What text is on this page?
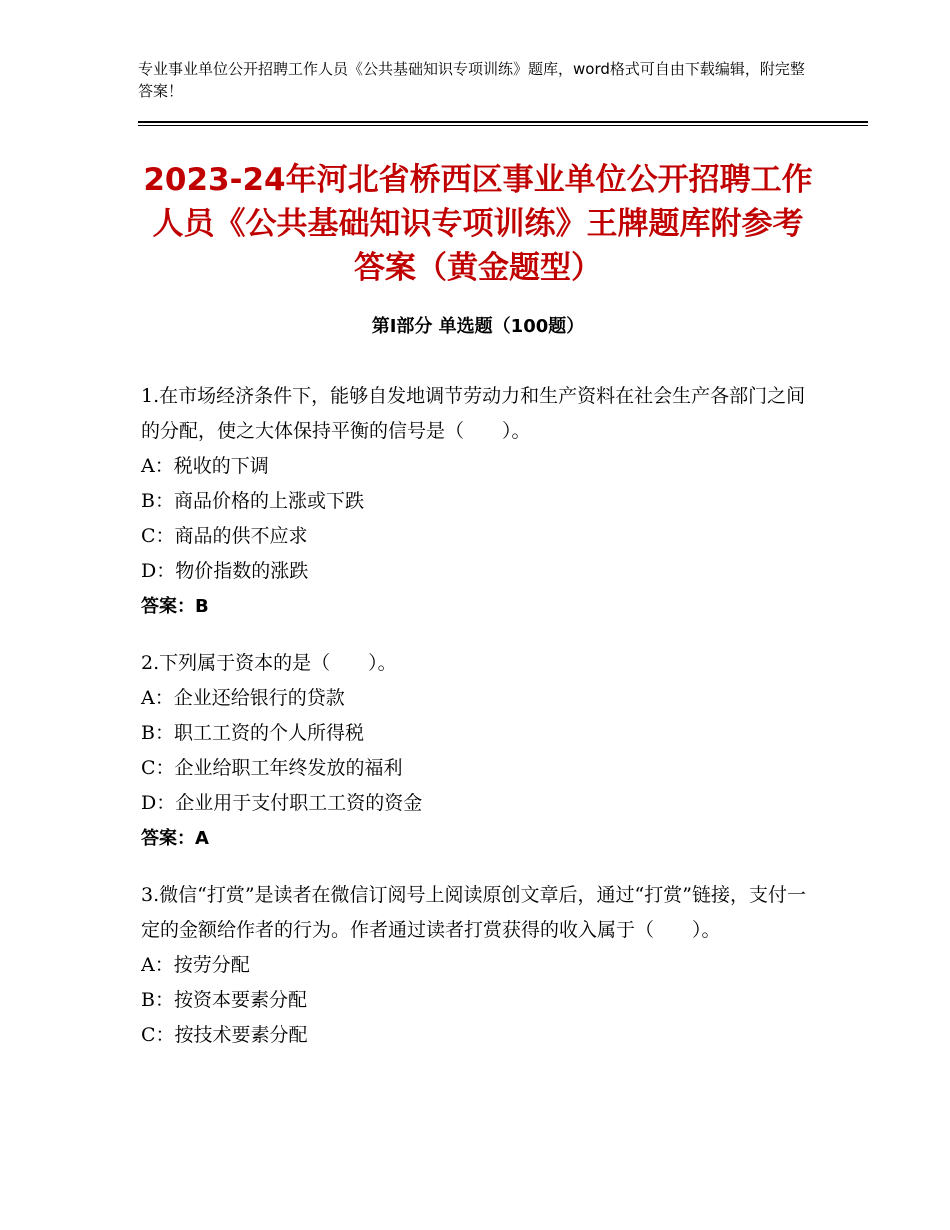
专业事业单位公开招聘工作人员《公共基础知识专项训练》题库，word格式可自由下载编辑，附完整答案！
2023-24年河北省桥西区事业单位公开招聘工作人员《公共基础知识专项训练》王牌题库附参考答案（黄金题型）
第Ⅰ部分 单选题（100题）

1.在市场经济条件下，能够自发地调节劳动力和生产资料在社会生产各部门之间的分配，使之大体保持平衡的信号是（　　）。

A：税收的下调

B：商品价格的上涨或下跌

C：商品的供不应求

D：物价指数的涨跌

答案：B

2.下列属于资本的是（　　）。

A：企业还给银行的贷款

B：职工工资的个人所得税

C：企业给职工年终发放的福利

D：企业用于支付职工工资的资金

答案：A

3.微信“打赏”是读者在微信订阅号上阅读原创文章后，通过“打赏”链接，支付一定的金额给作者的行为。作者通过读者打赏获得的收入属于（　　）。

A：按劳分配

B：按资本要素分配

C：按技术要素分配
